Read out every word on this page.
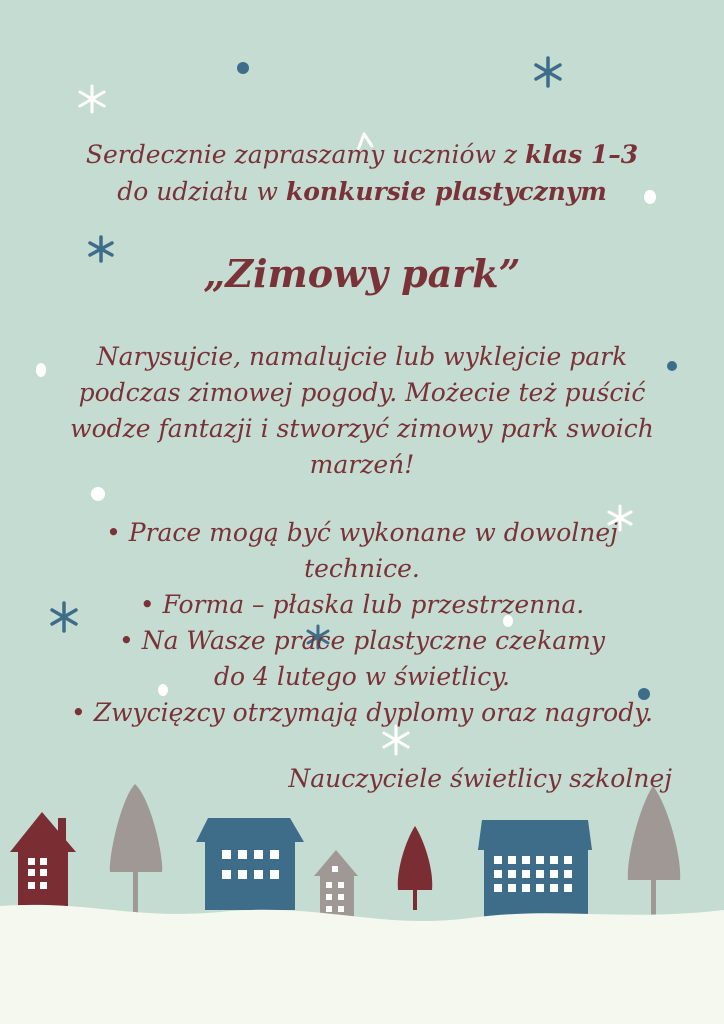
Serdecznie zapraszamy uczniów z klas 1–3
do udziału w konkursie plastycznym
„Zimowy park”
Narysujcie, namalujcie lub wyklejcie park
podczas zimowej pogody. Możecie też puścić
wodze fantazji i stworzyć zimowy park swoich
marzeń!
• Prace mogą być wykonane w dowolnej
technice.
• Forma – płaska lub przestrzenna.
• Na Wasze prace plastyczne czekamy
do 4 lutego w świetlicy.
• Zwycięzcy otrzymają dyplomy oraz nagrody.
Nauczyciele świetlicy szkolnej
